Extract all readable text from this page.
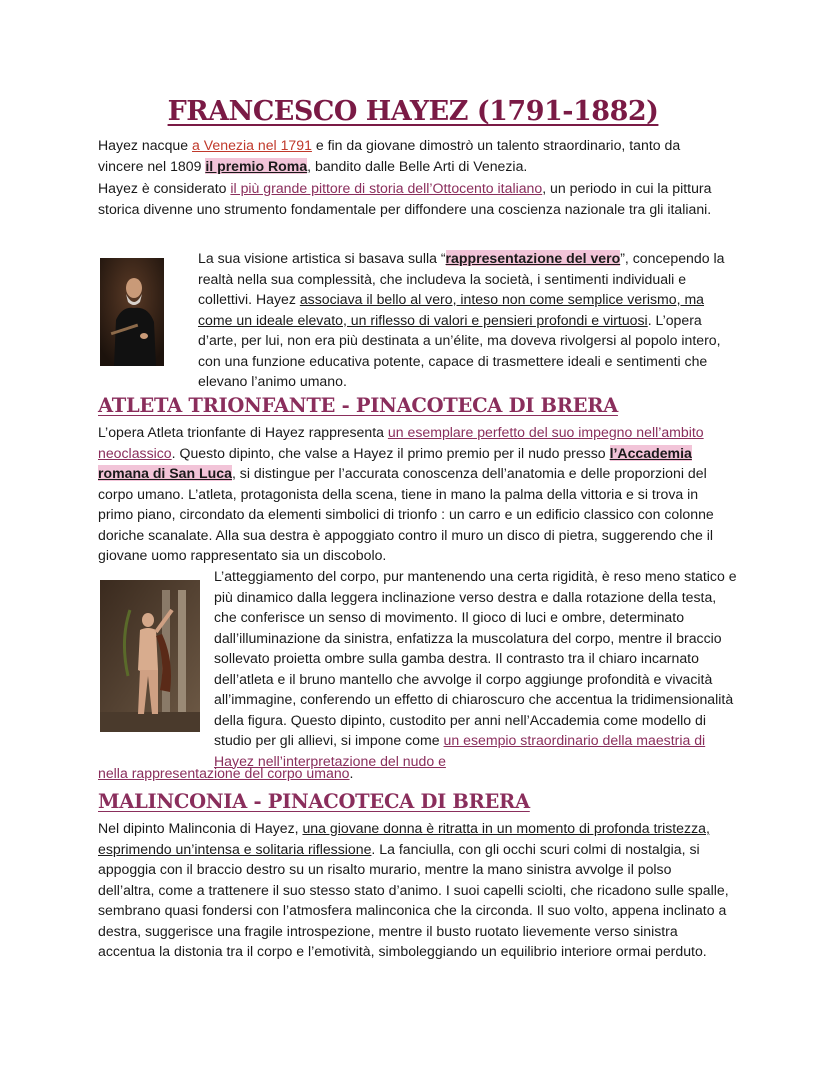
FRANCESCO HAYEZ (1791-1882)
Hayez nacque a Venezia nel 1791 e fin da giovane dimostrò un talento straordinario, tanto da vincere nel 1809 il premio Roma, bandito dalle Belle Arti di Venezia.
Hayez è considerato il più grande pittore di storia dell’Ottocento italiano, un periodo in cui la pittura storica divenne uno strumento fondamentale per diffondere una coscienza nazionale tra gli italiani.
La sua visione artistica si basava sulla “rappresentazione del vero”, concependo la realtà nella sua complessità, che includeva la società, i sentimenti individuali e collettivi. Hayez associava il bello al vero, inteso non come semplice verismo, ma come un ideale elevato, un riflesso di valori e pensieri profondi e virtuosi. L’opera d’arte, per lui, non era più destinata a un’élite, ma doveva rivolgersi al popolo intero, con una funzione educativa potente, capace di trasmettere ideali e sentimenti che elevano l’animo umano.
ATLETA TRIONFANTE - PINACOTECA DI BRERA
L’opera Atleta trionfante di Hayez rappresenta un esemplare perfetto del suo impegno nell’ambito neoclassico. Questo dipinto, che valse a Hayez il primo premio per il nudo presso l’Accademia romana di San Luca, si distingue per l’accurata conoscenza dell’anatomia e delle proporzioni del corpo umano. L’atleta, protagonista della scena, tiene in mano la palma della vittoria e si trova in primo piano, circondato da elementi simbolici di trionfo : un carro e un edificio classico con colonne doriche scanalate. Alla sua destra è appoggiato contro il muro un disco di pietra, suggerendo che il giovane uomo rappresentato sia un discobolo.
L’atteggiamento del corpo, pur mantenendo una certa rigidità, è reso meno statico e più dinamico dalla leggera inclinazione verso destra e dalla rotazione della testa, che conferisce un senso di movimento. Il gioco di luci e ombre, determinato dall’illuminazione da sinistra, enfatizza la muscolatura del corpo, mentre il braccio sollevato proietta ombre sulla gamba destra. Il contrasto tra il chiaro incarnato dell’atleta e il bruno mantello che avvolge il corpo aggiunge profondità e vivacità all’immagine, conferendo un effetto di chiaroscuro che accentua la tridimensionalità della figura. Questo dipinto, custodito per anni nell’Accademia come modello di studio per gli allievi, si impone come un esempio straordinario della maestria di Hayez nell’interpretazione del nudo e
nella rappresentazione del corpo umano.
MALINCONIA - PINACOTECA DI BRERA
Nel dipinto Malinconia di Hayez, una giovane donna è ritratta in un momento di profonda tristezza, esprimendo un’intensa e solitaria riflessione. La fanciulla, con gli occhi scuri colmi di nostalgia, si appoggia con il braccio destro su un risalto murario, mentre la mano sinistra avvolge il polso dell’altra, come a trattenere il suo stesso stato d’animo. I suoi capelli sciolti, che ricadono sulle spalle, sembrano quasi fondersi con l’atmosfera malinconica che la circonda. Il suo volto, appena inclinato a destra, suggerisce una fragile introspezione, mentre il busto ruotato lievemente verso sinistra accentua la distonia tra il corpo e l’emotività, simboleggiando un equilibrio interiore ormai perduto.
